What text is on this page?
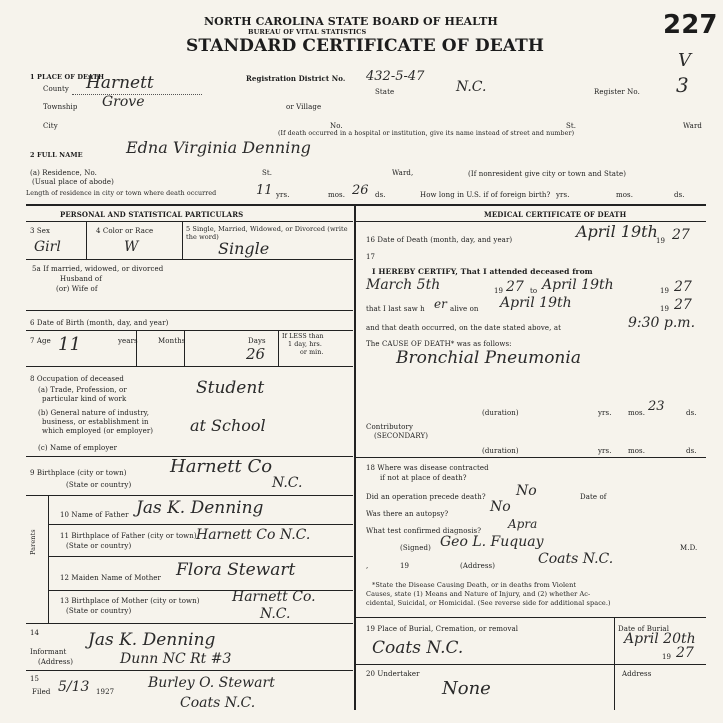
NORTH CAROLINA STATE BOARD OF HEALTH
BUREAU OF VITAL STATISTICS
STANDARD CERTIFICATE OF DEATH
227
1 PLACE OF DEATH
County Harnett	Registration District No. 432-5-47
State	N.C.	Register No. 3
V
Township Grove	or Village
City	No.	St.	Ward
(If death occurred in a hospital or institution, give its name instead of street and number)
2 FULL NAME	Edna Virginia Denning
(a) Residence, No.
(Usual place of abode)
St.	Ward,	(If nonresident give city or town and State)
Length of residence in city or town where death occurred	11 yrs.	mos. 26 ds.	How long in U.S. if of foreign birth? yrs.	mos.	ds.
PERSONAL AND STATISTICAL PARTICULARS	MEDICAL CERTIFICATE OF DEATH
3 Sex
Girl
4 Color or Race
W
5 Single, Married, Widowed, or Divorced (write the word)
Single
5a If married, widowed, or divorced
Husband of
(or) Wife of
6 Date of Birth (month, day, and year)
7 Age 11	years	Months	Days
26
If LESS than
1 day, hrs.
or min.
8 Occupation of deceased
(a) Trade, Profession, or
particular kind of work
Student
(b) General nature of industry,
business, or establishment in
which employed (or employer) at School
(c) Name of employer
9 Birthplace (city or town)
(State or country)
Harnett Co
N.C.
Parents
10 Name of Father Jas K. Denning
11 Birthplace of Father (city or town)
(State or country)
Harnett Co N.C.
12 Maiden Name of Mother Flora Stewart
13 Birthplace of Mother (city or town)
(State or country)
Harnett Co.
N.C.
14
Informant
(Address)
Jas K. Denning
Dunn NC Rt #3
15
Filed 5/13 1927
Burley O. Stewart
Coats N.C.
16 Date of Death (month, day, and year)	April 19th
19 27
17
I HEREBY CERTIFY, That I attended deceased from
March 5th	19 27 to April 19th	19 27
that I last saw h er alive on April 19th	19 27
and that death occurred, on the date stated above, at	9:30 p.m.
The CAUSE OF DEATH* was as follows:
Bronchial Pneumonia
(duration)	yrs.	23
mos.	ds.
Contributory
(SECONDARY)
(duration)	yrs. mos.	ds.
18 Where was disease contracted
if not at place of death?
Did an operation precede death? No	Date of
Was there an autopsy?	No
What test confirmed diagnosis? Apra
(Signed) Geo L. Fuquay	M.D.
,	19	(Address)	Coats N.C.
*State the Disease Causing Death, or in deaths from Violent
Causes, state (1) Means and Nature of Injury, and (2) whether Ac-
cidental, Suicidal, or Homicidal. (See reverse side for additional space.)
19 Place of Burial, Cremation, or removal
Coats N.C.
Date of Burial
April 20th
19 27
20 Undertaker
None
Address
